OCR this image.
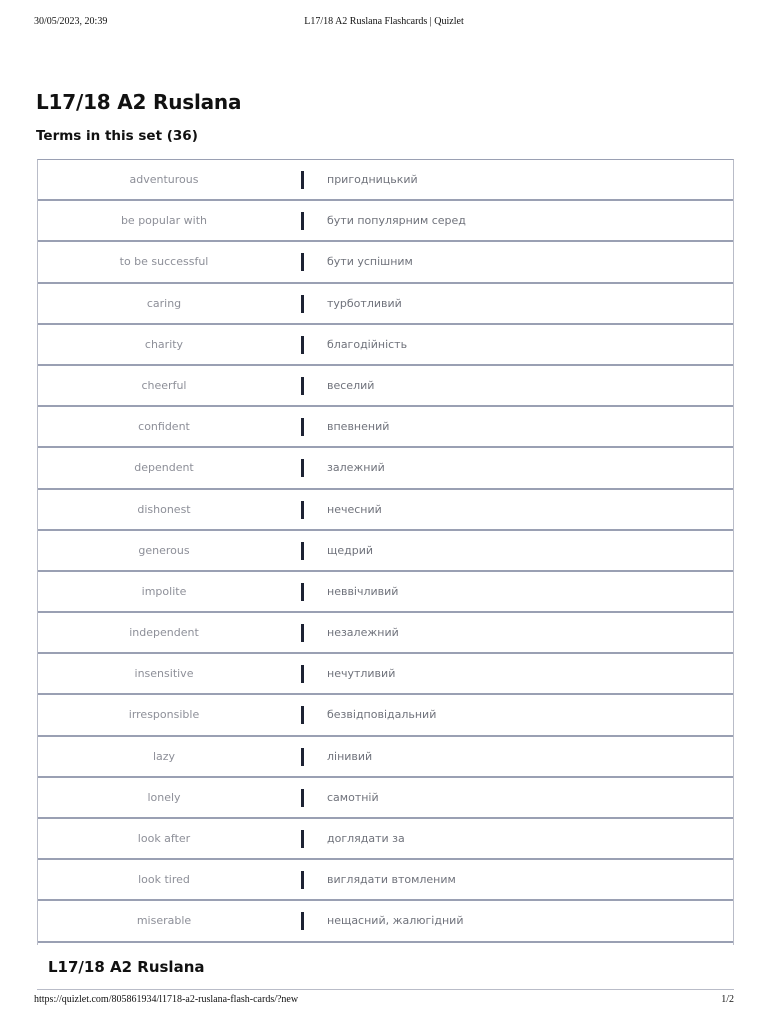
30/05/2023, 20:39	L17/18 A2 Ruslana Flashcards | Quizlet
L17/18 A2 Ruslana
Terms in this set (36)
adventurous	пригодницький
be popular with	бути популярним серед
to be successful	бути успішним
caring	турботливий
charity	благодійність
cheerful	веселий
confident	впевнений
dependent	залежний
dishonest	нечесний
generous	щедрий
impolite	неввічливий
independent	незалежний
insensitive	нечутливий
irresponsible	безвідповідальний
lazy	лінивий
lonely	самотній
look after	доглядати за
look tired	виглядати втомленим
miserable	нещасний, жалюгідний
L17/18 A2 Ruslana
https://quizlet.com/805861934/l1718-a2-ruslana-flash-cards/?new	1/2
